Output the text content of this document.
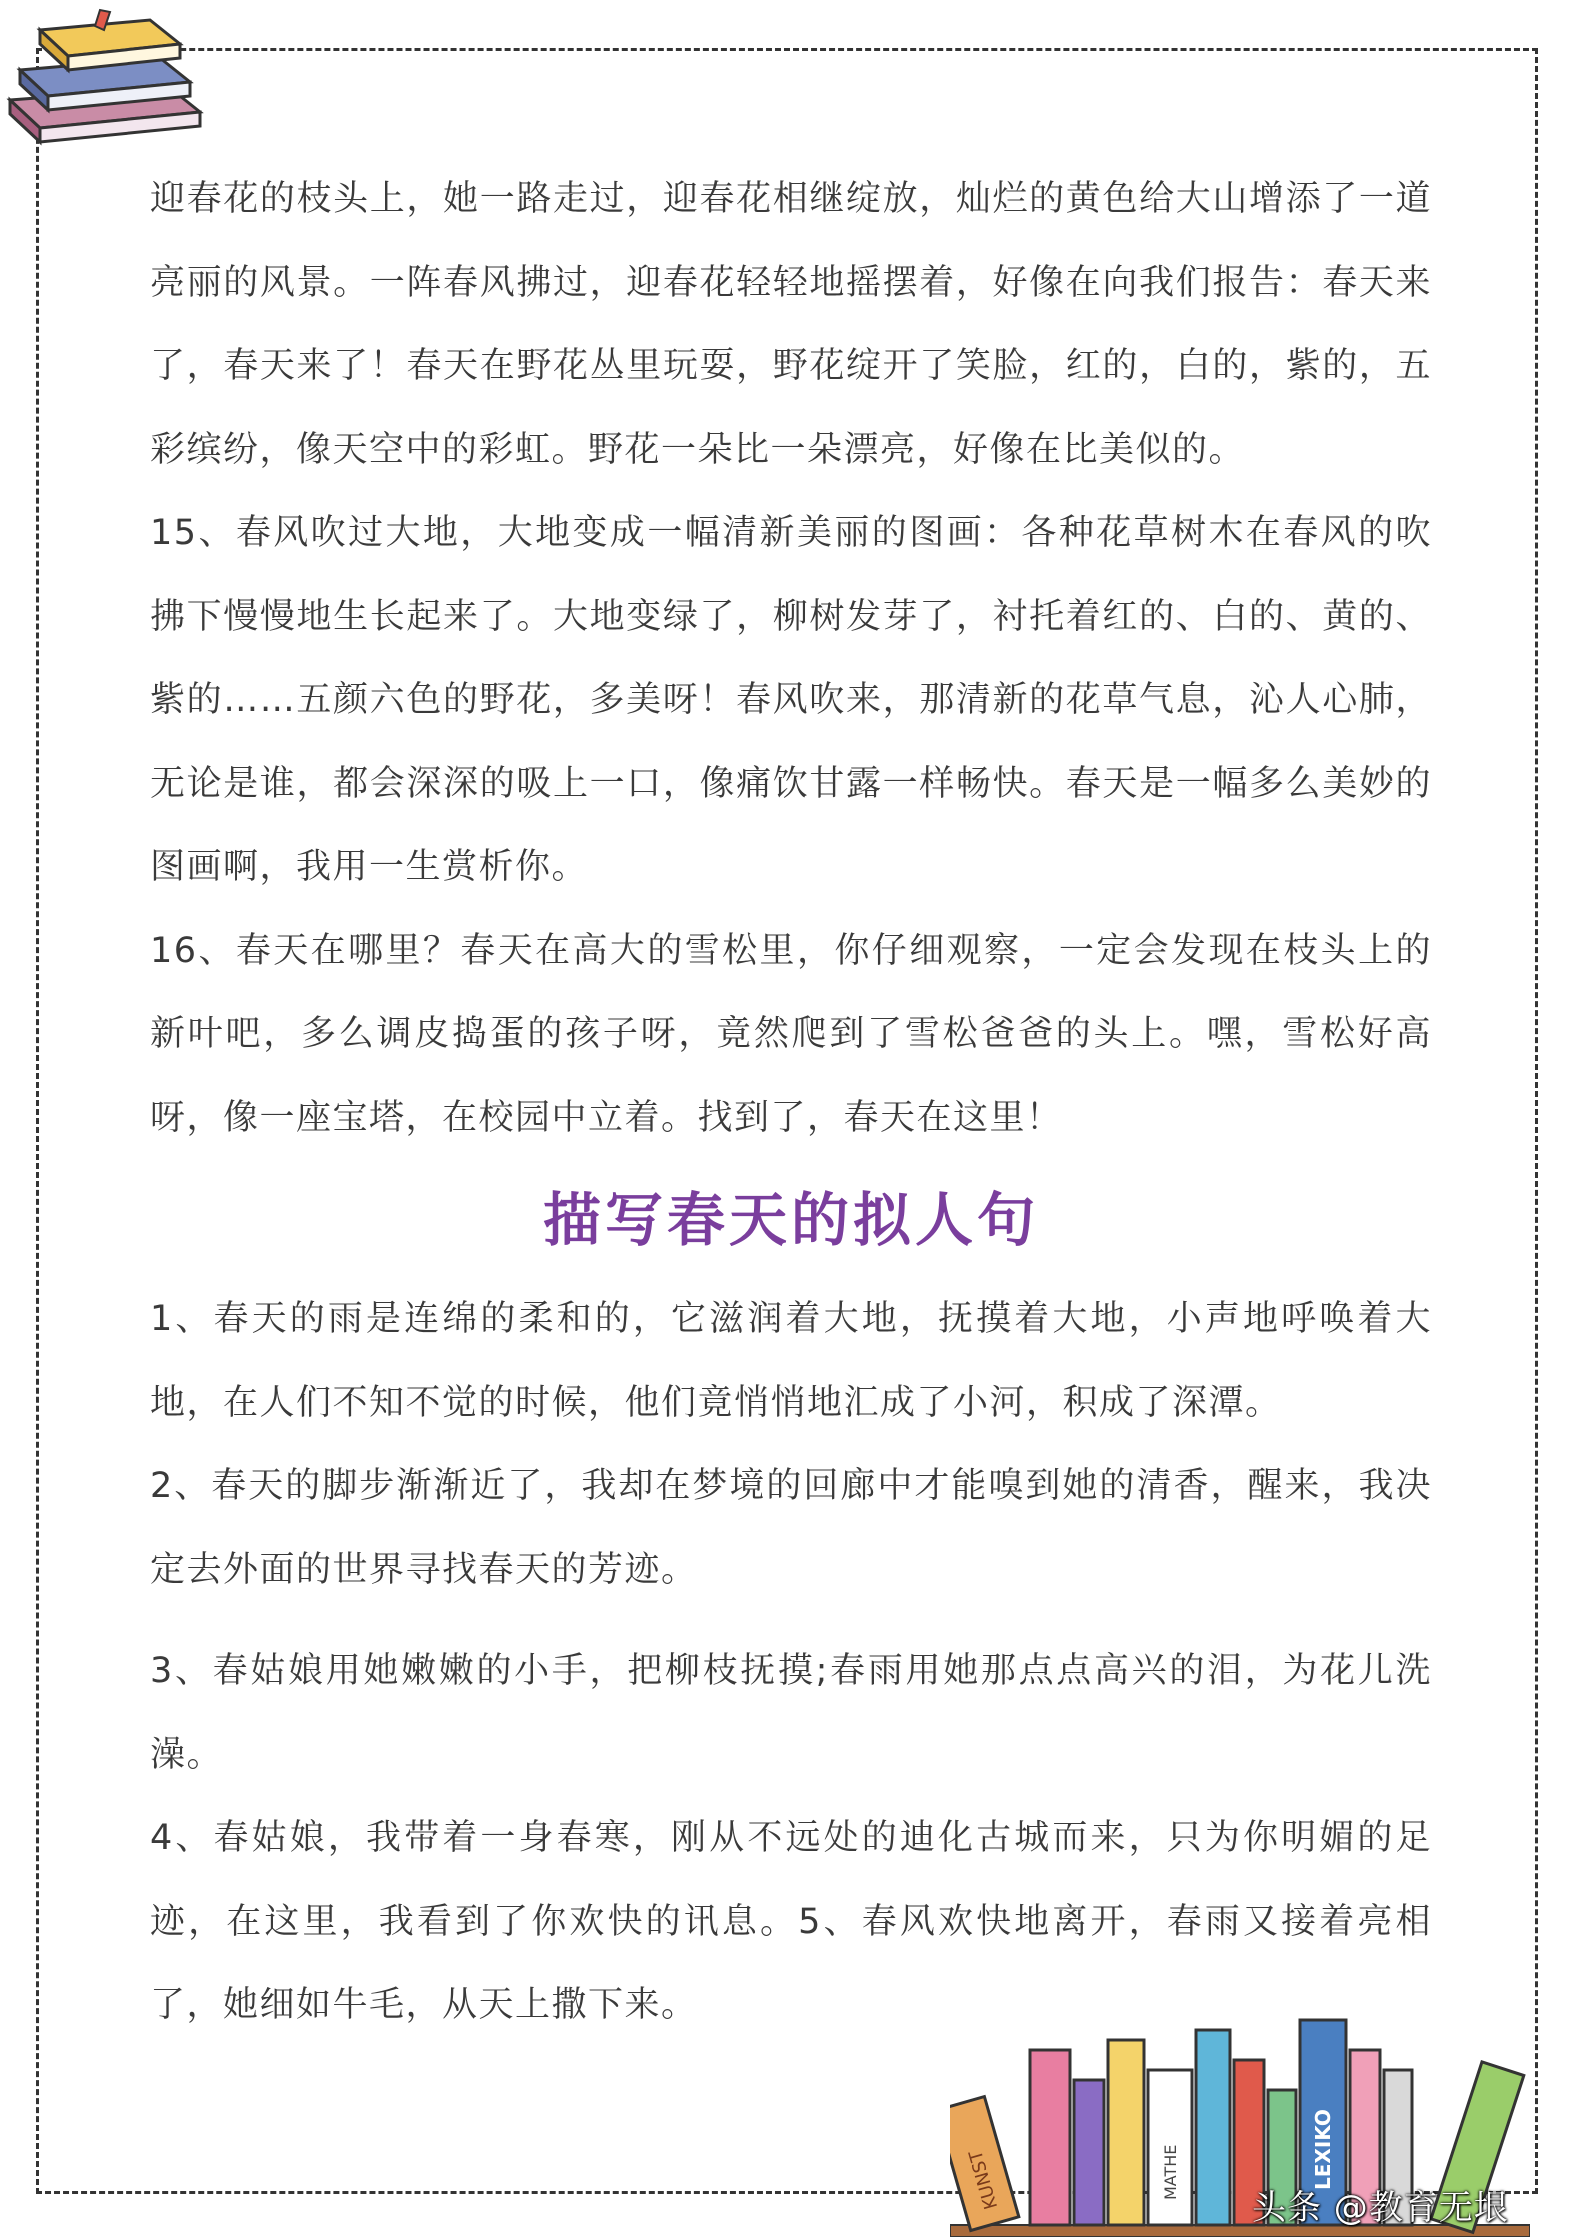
KUNST	MATHE	LEXIKO

迎春花的枝头上，她一路走过，迎春花相继绽放，灿烂的黄色给大山增添了一道亮丽的风景。一阵春风拂过，迎春花轻轻地摇摆着，好像在向我们报告：春天来了，春天来了！春天在野花丛里玩耍，野花绽开了笑脸，红的，白的，紫的，五彩缤纷，像天空中的彩虹。野花一朵比一朵漂亮，好像在比美似的。

15、春风吹过大地，大地变成一幅清新美丽的图画：各种花草树木在春风的吹拂下慢慢地生长起来了。大地变绿了，柳树发芽了，衬托着红的、白的、黄的、紫的……五颜六色的野花，多美呀！春风吹来，那清新的花草气息，沁人心肺，无论是谁，都会深深的吸上一口，像痛饮甘露一样畅快。春天是一幅多么美妙的图画啊，我用一生赏析你。

16、春天在哪里？春天在高大的雪松里，你仔细观察，一定会发现在枝头上的新叶吧，多么调皮捣蛋的孩子呀，竟然爬到了雪松爸爸的头上。嘿，雪松好高呀，像一座宝塔，在校园中立着。找到了，春天在这里！

描写春天的拟人句

1、春天的雨是连绵的柔和的，它滋润着大地，抚摸着大地，小声地呼唤着大地，在人们不知不觉的时候，他们竟悄悄地汇成了小河，积成了深潭。

2、春天的脚步渐渐近了，我却在梦境的回廊中才能嗅到她的清香，醒来，我决定去外面的世界寻找春天的芳迹。

3、春姑娘用她嫩嫩的小手，把柳枝抚摸;春雨用她那点点高兴的泪，为花儿洗澡。

4、春姑娘，我带着一身春寒，刚从不远处的迪化古城而来，只为你明媚的足迹，在这里，我看到了你欢快的讯息。5、春风欢快地离开，春雨又接着亮相了，她细如牛毛，从天上撒下来。

头条 @教育无垠
